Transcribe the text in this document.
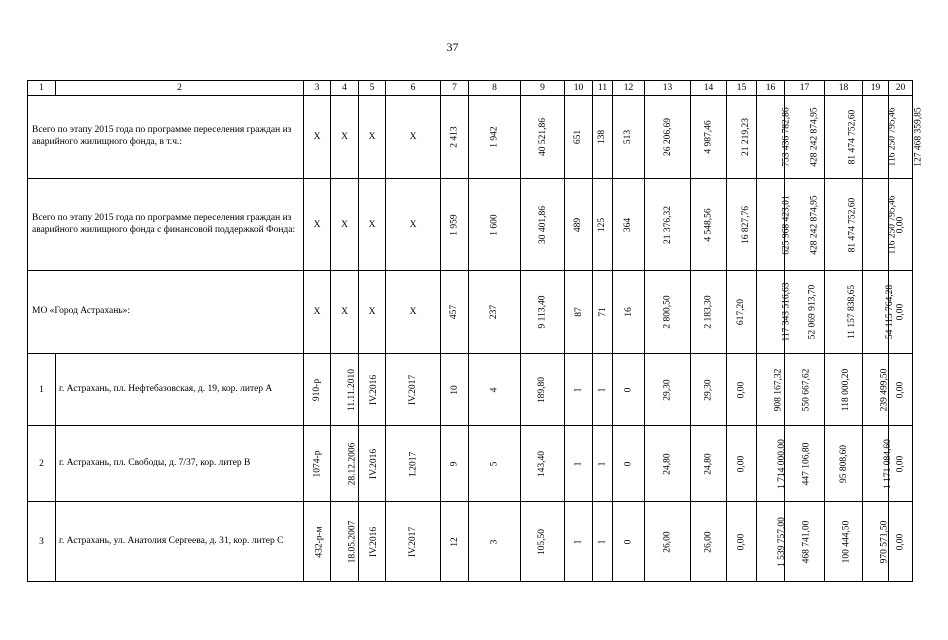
37
1	2	3	4	5	6	7	8	9	10	11	12	13	14	15	16	17	18	19	20
Всего по этапу 2015 года по программе переселения граждан из аварийного жилищного фонда, в т.ч.:		X	X	X	X	2 413	1 942	40 521,86	651	138	513	26 206,69	4 987,46	21 219,23	753 436 782,86	428 242 874,95	81 474 752,60	116 250 795,46	127 468 359,85
Всего по этапу 2015 года по программе переселения граждан из аварийного жилищного фонда с финансовой поддержкой Фонда:		X	X	X	X	1 959	1 600	30 401,86	489	125	364	21 376,32	4 548,56	16 827,76	625 968 423,01	428 242 874,95	81 474 752,60	116 250 795,46	0,00
МО «Город Астрахань»:		X	X	X	X	457	237	9 113,40	87	71	16	2 800,50	2 183,30	617,20	117 343 516,63	52 069 913,70	11 157 838,65	54 115 764,28	0,00
1	г. Астрахань, пл. Нефтебазовская, д. 19, кор. литер А	910-р	11.11.2010	IV.2016	IV.2017	10	4	189,80	1	1	0	29,30	29,30	0,00	908 167,32	550 667,62	118 000,20	239 499,50	0,00
2	г. Астрахань, пл. Свободы, д. 7/37, кор. литер В	1074-р	28.12.2006	IV.2016	I.2017	9	5	143,40	1	1	0	24,80	24,80	0,00	1 714 000,00	447 106,80	95 808,60	1 171 084,60	0,00
3	г. Астрахань, ул. Анатолия Сергеева, д. 31, кор. литер С	432-р-м	18.05.2007	IV.2016	IV.2017	12	3	105,50	1	1	0	26,00	26,00	0,00	1 539 757,00	468 741,00	100 444,50	970 571,50	0,00
